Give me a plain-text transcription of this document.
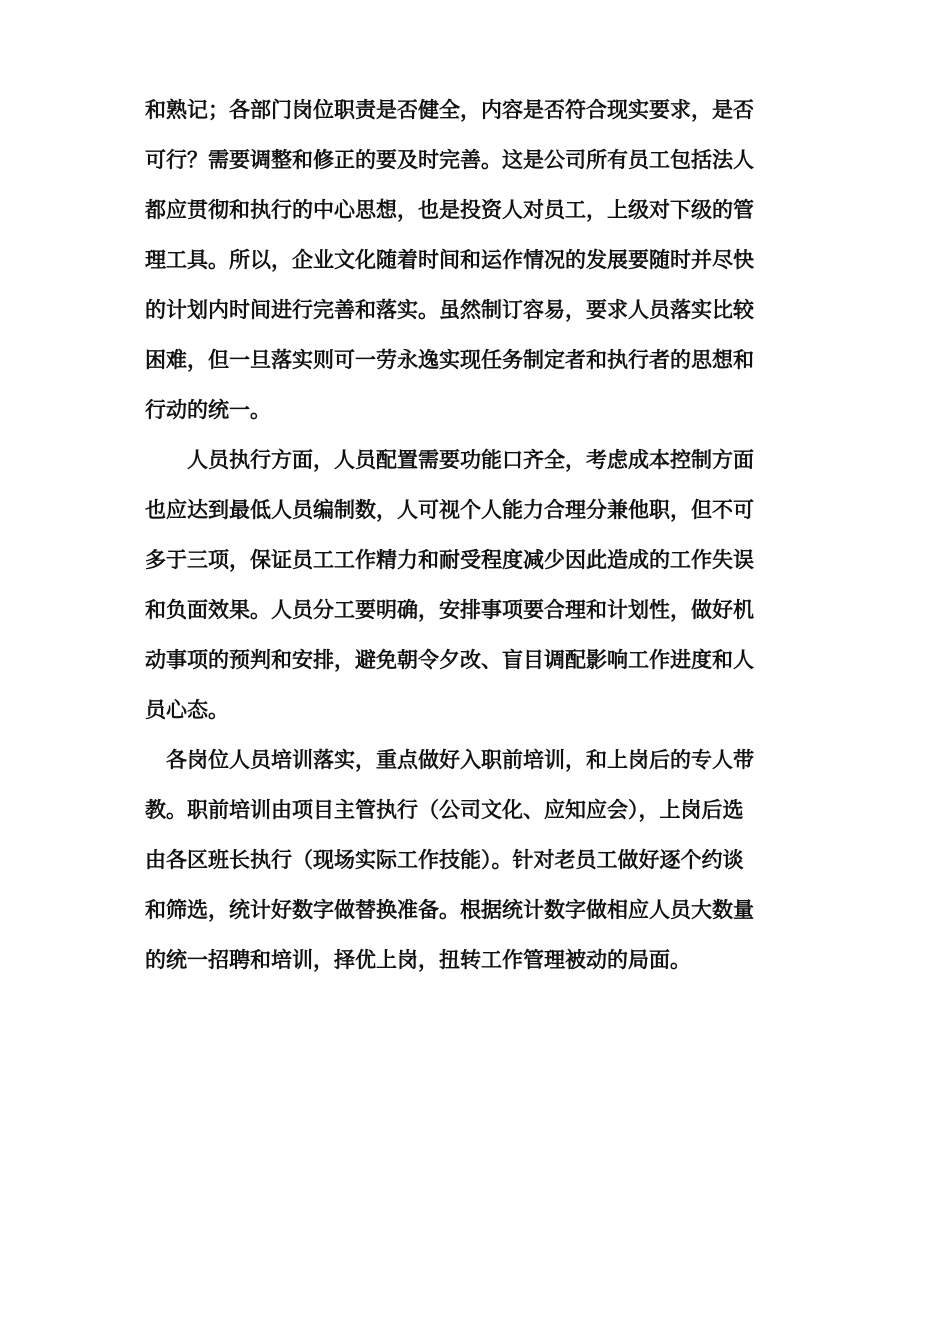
和熟记；各部门岗位职责是否健全，内容是否符合现实要求，是否

可行？需要调整和修正的要及时完善。这是公司所有员工包括法人

都应贯彻和执行的中心思想，也是投资人对员工，上级对下级的管

理工具。所以，企业文化随着时间和运作情况的发展要随时并尽快

的计划内时间进行完善和落实。虽然制订容易，要求人员落实比较

困难，但一旦落实则可一劳永逸实现任务制定者和执行者的思想和

行动的统一。

人员执行方面，人员配置需要功能口齐全，考虑成本控制方面

也应达到最低人员编制数，人可视个人能力合理分兼他职，但不可

多于三项，保证员工工作精力和耐受程度减少因此造成的工作失误

和负面效果。人员分工要明确，安排事项要合理和计划性，做好机

动事项的预判和安排，避免朝令夕改、盲目调配影响工作进度和人

员心态。

各岗位人员培训落实，重点做好入职前培训，和上岗后的专人带

教。职前培训由项目主管执行（公司文化、应知应会），上岗后选

由各区班长执行（现场实际工作技能）。针对老员工做好逐个约谈

和筛选，统计好数字做替换准备。根据统计数字做相应人员大数量

的统一招聘和培训，择优上岗，扭转工作管理被动的局面。
